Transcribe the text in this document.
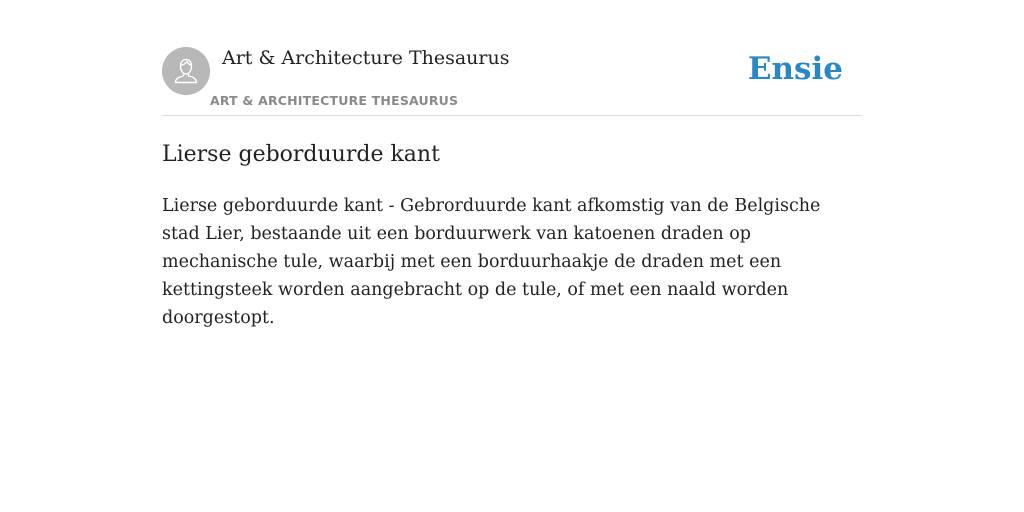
Art & Architecture Thesaurus
ART & ARCHITECTURE THESAURUS
Ensie
Lierse geborduurde kant

Lierse geborduurde kant - Gebrorduurde kant afkomstig van de Belgische stad Lier, bestaande uit een borduurwerk van katoenen draden op mechanische tule, waarbij met een borduurhaakje de draden met een kettingsteek worden aangebracht op de tule, of met een naald worden doorgestopt.
